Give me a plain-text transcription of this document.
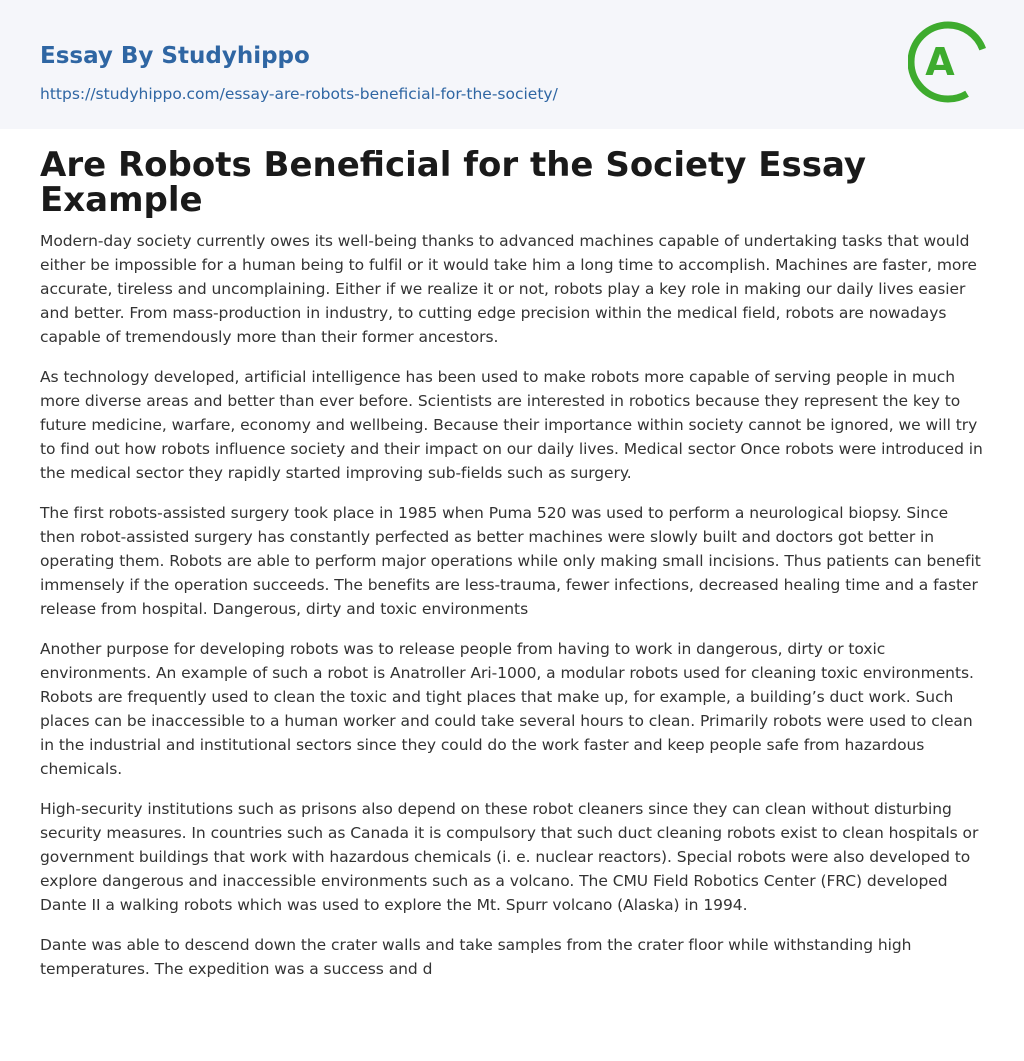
Essay By Studyhippo
https://studyhippo.com/essay-are-robots-beneficial-for-the-society/
A
Are Robots Beneficial for the Society Essay Example

Modern-day society currently owes its well-being thanks to advanced machines capable of undertaking tasks that would either be impossible for a human being to fulfil or it would take him a long time to accomplish. Machines are faster, more accurate, tireless and uncomplaining. Either if we realize it or not, robots play a key role in making our daily lives easier and better. From mass-production in industry, to cutting edge precision within the medical field, robots are nowadays capable of tremendously more than their former ancestors.

As technology developed, artificial intelligence has been used to make robots more capable of serving people in much more diverse areas and better than ever before. Scientists are interested in robotics because they represent the key to future medicine, warfare, economy and wellbeing. Because their importance within society cannot be ignored, we will try to find out how robots influence society and their impact on our daily lives. Medical sector Once robots were introduced in the medical sector they rapidly started improving sub-fields such as surgery.

The first robots-assisted surgery took place in 1985 when Puma 520 was used to perform a neurological biopsy. Since then robot-assisted surgery has constantly perfected as better machines were slowly built and doctors got better in operating them. Robots are able to perform major operations while only making small incisions. Thus patients can benefit immensely if the operation succeeds. The benefits are less-trauma, fewer infections, decreased healing time and a faster release from hospital. Dangerous, dirty and toxic environments

Another purpose for developing robots was to release people from having to work in dangerous, dirty or toxic environments. An example of such a robot is Anatroller Ari-1000, a modular robots used for cleaning toxic environments. Robots are frequently used to clean the toxic and tight places that make up, for example, a building’s duct work. Such places can be inaccessible to a human worker and could take several hours to clean. Primarily robots were used to clean in the industrial and institutional sectors since they could do the work faster and keep people safe from hazardous chemicals.

High-security institutions such as prisons also depend on these robot cleaners since they can clean without disturbing security measures. In countries such as Canada it is compulsory that such duct cleaning robots exist to clean hospitals or government buildings that work with hazardous chemicals (i. e. nuclear reactors). Special robots were also developed to explore dangerous and inaccessible environments such as a volcano. The CMU Field Robotics Center (FRC) developed Dante II a walking robots which was used to explore the Mt. Spurr volcano (Alaska) in 1994.

Dante was able to descend down the crater walls and take samples from the crater floor while withstanding high temperatures. The expedition was a success and d
